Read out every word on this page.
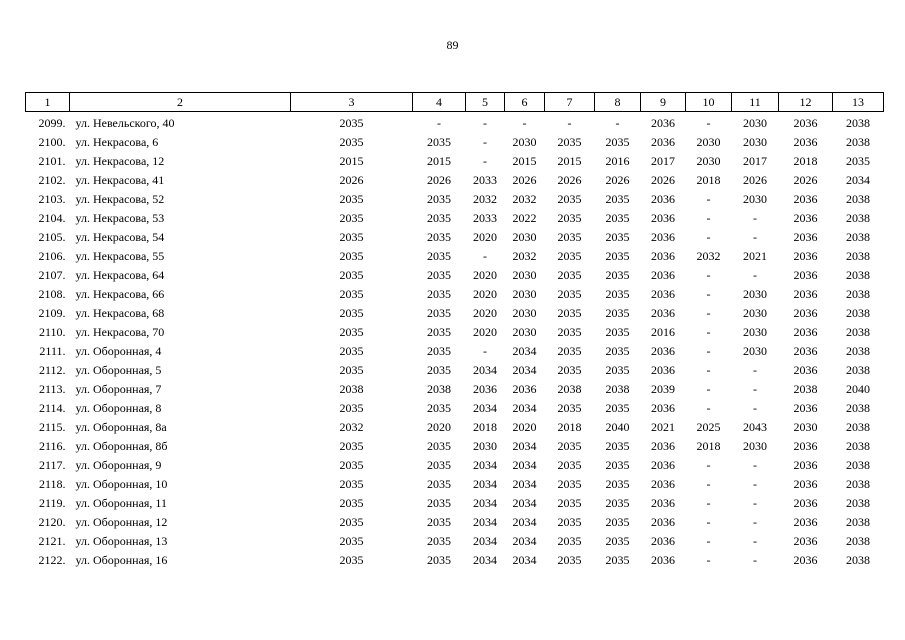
89
1	2	3	4	5	6	7	8	9	10	11	12	13
2099.	ул. Невельского, 40	2035	-	-	-	-	-	2036	-	2030	2036	2038
2100.	ул. Некрасова, 6	2035	2035	-	2030	2035	2035	2036	2030	2030	2036	2038
2101.	ул. Некрасова, 12	2015	2015	-	2015	2015	2016	2017	2030	2017	2018	2035
2102.	ул. Некрасова, 41	2026	2026	2033	2026	2026	2026	2026	2018	2026	2026	2034
2103.	ул. Некрасова, 52	2035	2035	2032	2032	2035	2035	2036	-	2030	2036	2038
2104.	ул. Некрасова, 53	2035	2035	2033	2022	2035	2035	2036	-	-	2036	2038
2105.	ул. Некрасова, 54	2035	2035	2020	2030	2035	2035	2036	-	-	2036	2038
2106.	ул. Некрасова, 55	2035	2035	-	2032	2035	2035	2036	2032	2021	2036	2038
2107.	ул. Некрасова, 64	2035	2035	2020	2030	2035	2035	2036	-	-	2036	2038
2108.	ул. Некрасова, 66	2035	2035	2020	2030	2035	2035	2036	-	2030	2036	2038
2109.	ул. Некрасова, 68	2035	2035	2020	2030	2035	2035	2036	-	2030	2036	2038
2110.	ул. Некрасова, 70	2035	2035	2020	2030	2035	2035	2016	-	2030	2036	2038
2111.	ул. Оборонная, 4	2035	2035	-	2034	2035	2035	2036	-	2030	2036	2038
2112.	ул. Оборонная, 5	2035	2035	2034	2034	2035	2035	2036	-	-	2036	2038
2113.	ул. Оборонная, 7	2038	2038	2036	2036	2038	2038	2039	-	-	2038	2040
2114.	ул. Оборонная, 8	2035	2035	2034	2034	2035	2035	2036	-	-	2036	2038
2115.	ул. Оборонная, 8а	2032	2020	2018	2020	2018	2040	2021	2025	2043	2030	2038
2116.	ул. Оборонная, 8б	2035	2035	2030	2034	2035	2035	2036	2018	2030	2036	2038
2117.	ул. Оборонная, 9	2035	2035	2034	2034	2035	2035	2036	-	-	2036	2038
2118.	ул. Оборонная, 10	2035	2035	2034	2034	2035	2035	2036	-	-	2036	2038
2119.	ул. Оборонная, 11	2035	2035	2034	2034	2035	2035	2036	-	-	2036	2038
2120.	ул. Оборонная, 12	2035	2035	2034	2034	2035	2035	2036	-	-	2036	2038
2121.	ул. Оборонная, 13	2035	2035	2034	2034	2035	2035	2036	-	-	2036	2038
2122.	ул. Оборонная, 16	2035	2035	2034	2034	2035	2035	2036	-	-	2036	2038
